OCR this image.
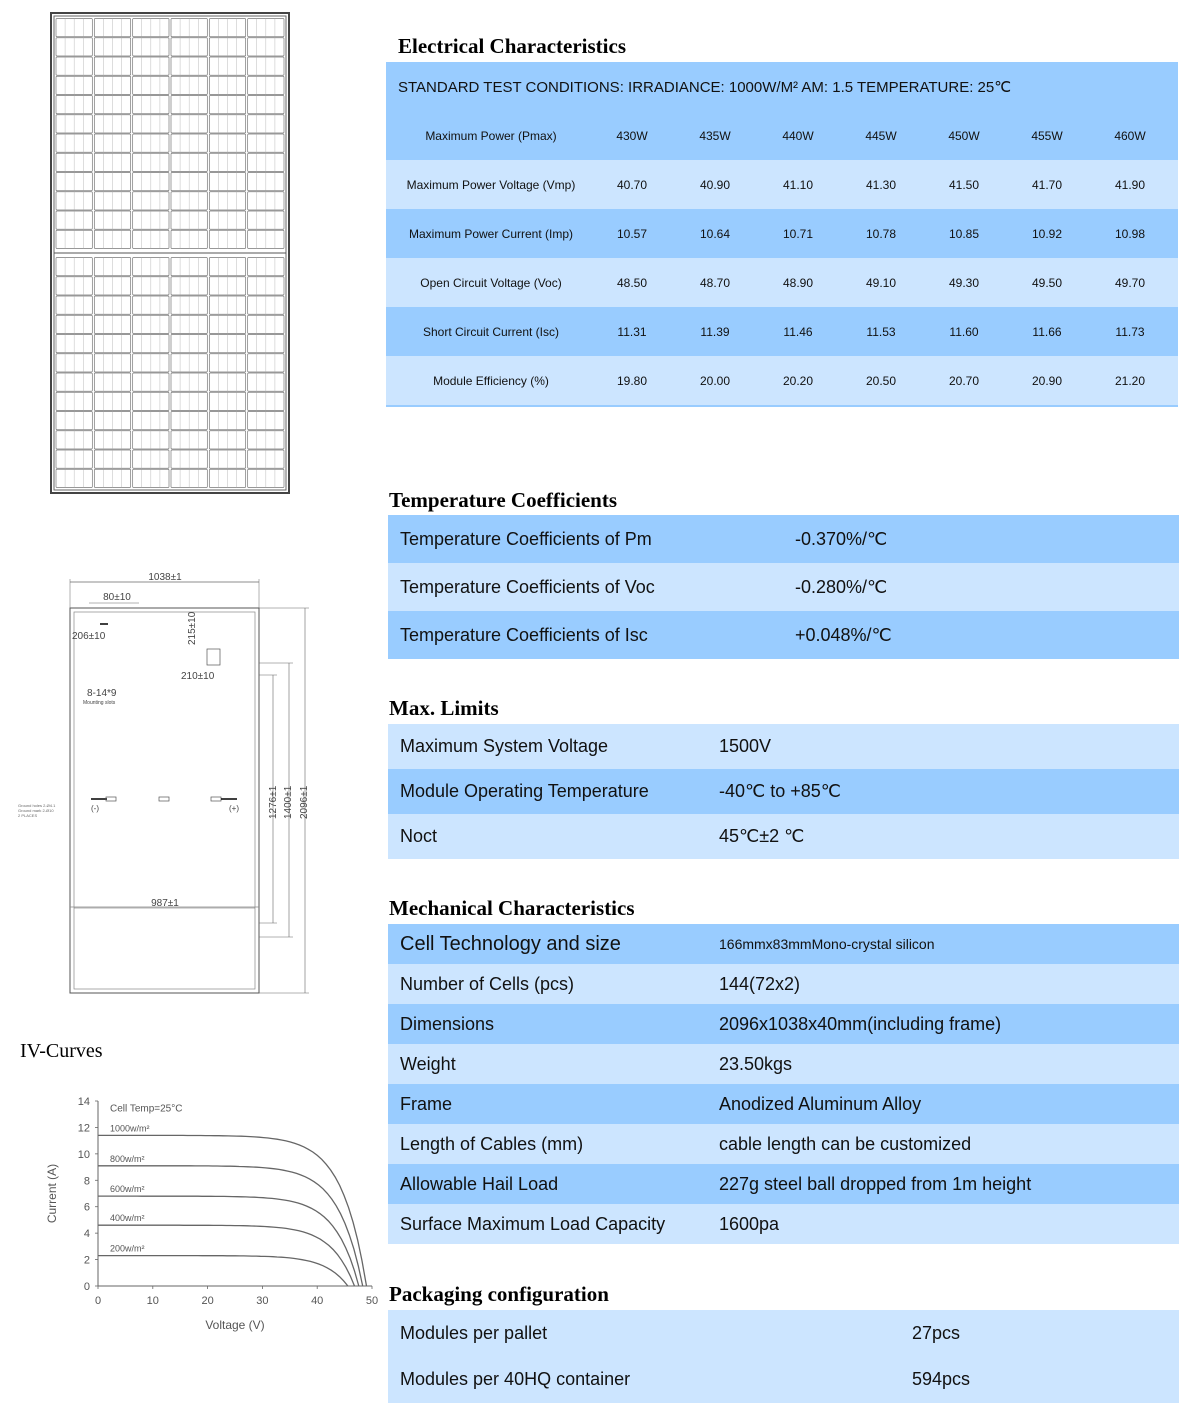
1038±1
80±10
206±10	215±10
210±10
8-14*9
Mounting slots
(-)	(+)
Ground holes 2-Ø4.1
Ground mark 2-Ø10
2 PLACES	1276±1 1400±1 2096±1
987±1
IV-Curves
0
2
4
6
8
10
12
14
0	10	20	30	40	50
Voltage (V)
Current (A)
Cell Temp=25°C
1000w/m²
800w/m²
600w/m²
400w/m²
200w/m²
Electrical Characteristics
STANDARD TEST CONDITIONS: IRRADIANCE: 1000W/M² AM: 1.5 TEMPERATURE: 25℃
Maximum Power (Pmax)	430W	435W	440W	445W	450W	455W	460W
Maximum Power Voltage (Vmp)	40.70	40.90	41.10	41.30	41.50	41.70	41.90
Maximum Power Current (Imp)	10.57	10.64	10.71	10.78	10.85	10.92	10.98
Open Circuit Voltage (Voc)	48.50	48.70	48.90	49.10	49.30	49.50	49.70
Short Circuit Current (Isc)	11.31	11.39	11.46	11.53	11.60	11.66	11.73
Module Efficiency (%)	19.80	20.00	20.20	20.50	20.70	20.90	21.20
Temperature Coefficients
Temperature Coefficients of Pm	-0.370%/℃
Temperature Coefficients of Voc	-0.280%/℃
Temperature Coefficients of Isc	+0.048%/℃
Max. Limits
Maximum System Voltage	1500V
Module Operating Temperature	-40℃ to +85℃
Noct	45℃±2 ℃
Mechanical Characteristics
Cell Technology and size	166mmx83mmMono-crystal silicon
Number of Cells (pcs)	144(72x2)
Dimensions	2096x1038x40mm(including frame)
Weight	23.50kgs
Frame	Anodized Aluminum Alloy
Length of Cables (mm)	cable length can be customized
Allowable Hail Load	227g steel ball dropped from 1m height
Surface Maximum Load Capacity	1600pa
Packaging configuration
Modules per pallet	27pcs
Modules per 40HQ container	594pcs
